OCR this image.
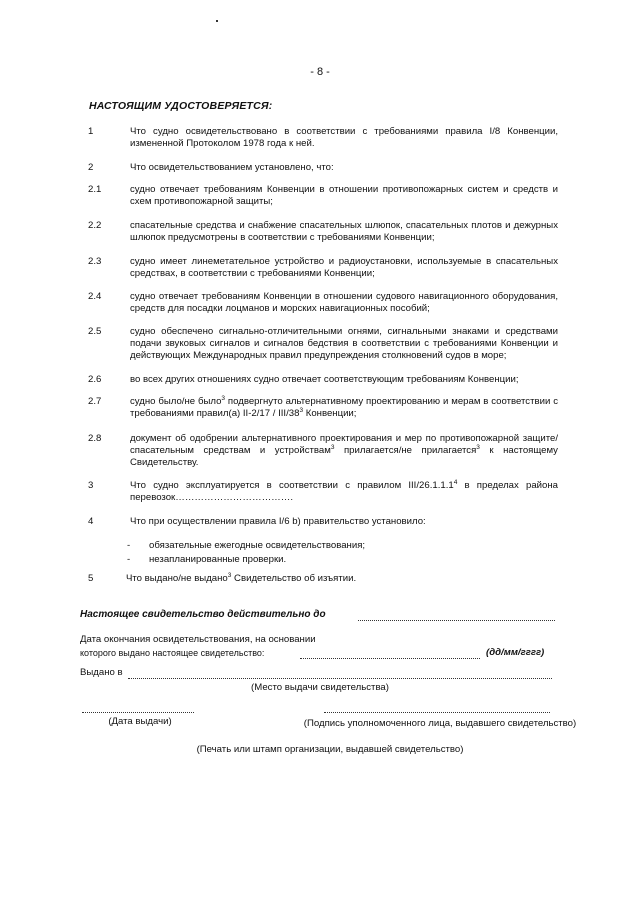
- 8 -
НАСТОЯЩИМ УДОСТОВЕРЯЕТСЯ:
1	Что судно освидетельствовано в соответствии с требованиями правила I/8 Конвенции, измененной Протоколом 1978 года к ней.
2	Что освидетельствованием установлено, что:
2.1	судно отвечает требованиям Конвенции в отношении противопожарных систем и средств и схем противопожарной защиты;
2.2	спасательные средства и снабжение спасательных шлюпок, спасательных плотов и дежурных шлюпок предусмотрены в соответствии с требованиями Конвенции;
2.3	судно имеет линеметательное устройство и радиоустановки, используемые в спасательных средствах, в соответствии с требованиями Конвенции;
2.4	судно отвечает требованиям Конвенции в отношении судового навигационного оборудования, средств для посадки лоцманов и морских навигационных пособий;
2.5	судно обеспечено сигнально-отличительными огнями, сигнальными знаками и средствами подачи звуковых сигналов и сигналов бедствия в соответствии с требованиями Конвенции и действующих Международных правил предупреждения столкновений судов в море;
2.6	во всех других отношениях судно отвечает соответствующим требованиям Конвенции;
2.7	судно было/не было$^3$ подвергнуто альтернативному проектированию и мерам в соответствии с требованиями правил(а) II-2/17 / III/$38^3$ Конвенции;
2.8	документ об одобрении альтернативного проектирования и мер по противопожарной защите/спасательным средствам и устройствам$^3$ прилагается/не прилагается$^3$ к настоящему Свидетельству.
3	Что судно эксплуатируется в соответствии с правилом III/26.1.1.1$^4$ в пределах района перевозок……………………………….
4	Что при осуществлении правила I/6 b) правительство установило:
- обязательные ежегодные освидетельствования;
- незапланированные проверки.
5	Что выдано/не выдано$^3$ Свидетельство об изъятии.
Настоящее свидетельство действительно до
Дата окончания освидетельствования, на основании
которого выдано настоящее свидетельство:	(дд/мм/гггг)
Выдано в
(Место выдачи свидетельства)
(Дата выдачи)	(Подпись уполномоченного лица, выдавшего свидетельство)
(Печать или штамп организации, выдавшей свидетельство)
